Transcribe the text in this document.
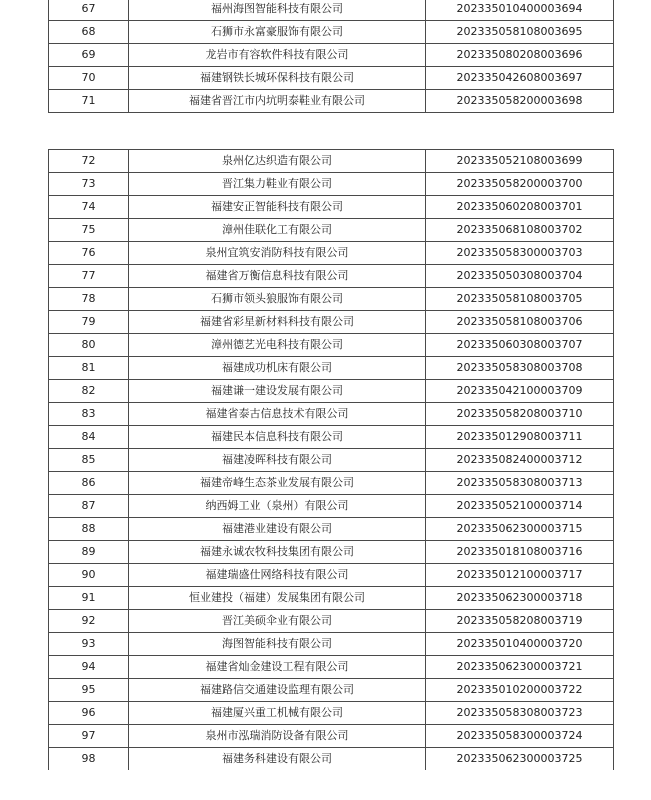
67	福州海图智能科技有限公司	202335010400003694
68	石狮市永富豪服饰有限公司	202335058108003695
69	龙岩市有容软件科技有限公司	202335080208003696
70	福建钢铁长城环保科技有限公司	202335042608003697
71	福建省晋江市内坑明泰鞋业有限公司	202335058200003698
72	泉州亿达织造有限公司	202335052108003699
73	晋江集力鞋业有限公司	202335058200003700
74	福建安正智能科技有限公司	202335060208003701
75	漳州佳联化工有限公司	202335068108003702
76	泉州宜筑安消防科技有限公司	202335058300003703
77	福建省万衡信息科技有限公司	202335050308003704
78	石狮市领头狼服饰有限公司	202335058108003705
79	福建省彩星新材料科技有限公司	202335058108003706
80	漳州德艺光电科技有限公司	202335060308003707
81	福建成功机床有限公司	202335058308003708
82	福建谦一建设发展有限公司	202335042100003709
83	福建省泰古信息技术有限公司	202335058208003710
84	福建民本信息科技有限公司	202335012908003711
85	福建凌晖科技有限公司	202335082400003712
86	福建帝峰生态茶业发展有限公司	202335058308003713
87	纳西姆工业（泉州）有限公司	202335052100003714
88	福建港业建设有限公司	202335062300003715
89	福建永诚农牧科技集团有限公司	202335018108003716
90	福建瑞盛仕网络科技有限公司	202335012100003717
91	恒业建投（福建）发展集团有限公司	202335062300003718
92	晋江美硕伞业有限公司	202335058208003719
93	海图智能科技有限公司	202335010400003720
94	福建省灿金建设工程有限公司	202335062300003721
95	福建路信交通建设监理有限公司	202335010200003722
96	福建厦兴重工机械有限公司	202335058308003723
97	泉州市泓瑞消防设备有限公司	202335058300003724
98	福建务科建设有限公司	202335062300003725
